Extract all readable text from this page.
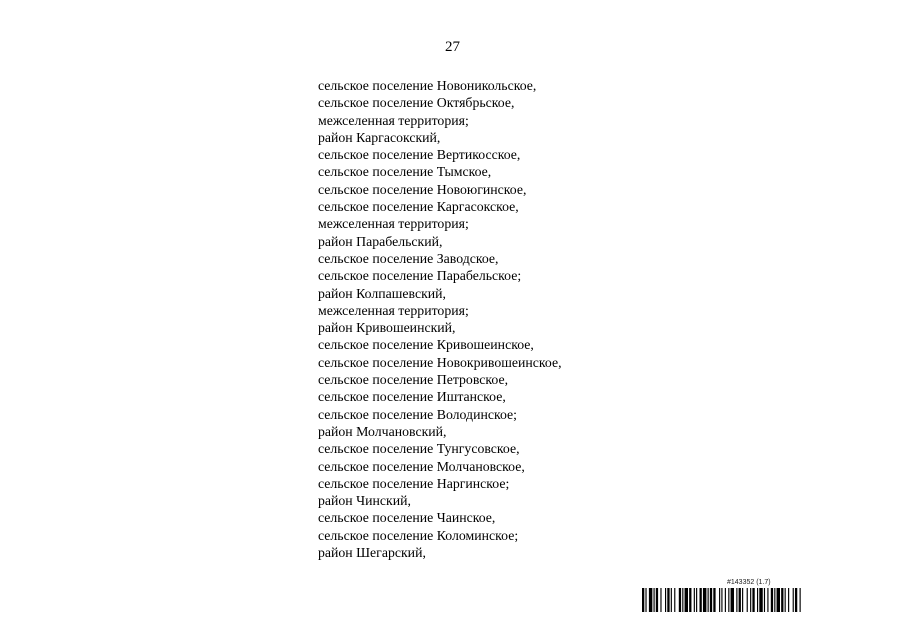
27
сельское поселение Новоникольское,
сельское поселение Октябрьское,
межселенная территория;
район Каргасокский,
сельское поселение Вертикосское,
сельское поселение Тымское,
сельское поселение Новоюгинское,
сельское поселение Каргасокское,
межселенная территория;
район Парабельский,
сельское поселение Заводское,
сельское поселение Парабельское;
район Колпашевский,
межселенная территория;
район Кривошеинский,
сельское поселение Кривошеинское,
сельское поселение Новокривошеинское,
сельское поселение Петровское,
сельское поселение Иштанское,
сельское поселение Володинское;
район Молчановский,
сельское поселение Тунгусовское,
сельское поселение Молчановское,
сельское поселение Наргинское;
район Чинский,
сельское поселение Чаинское,
сельское поселение Коломинское;
район Шегарский,
#143352 (1.7)
